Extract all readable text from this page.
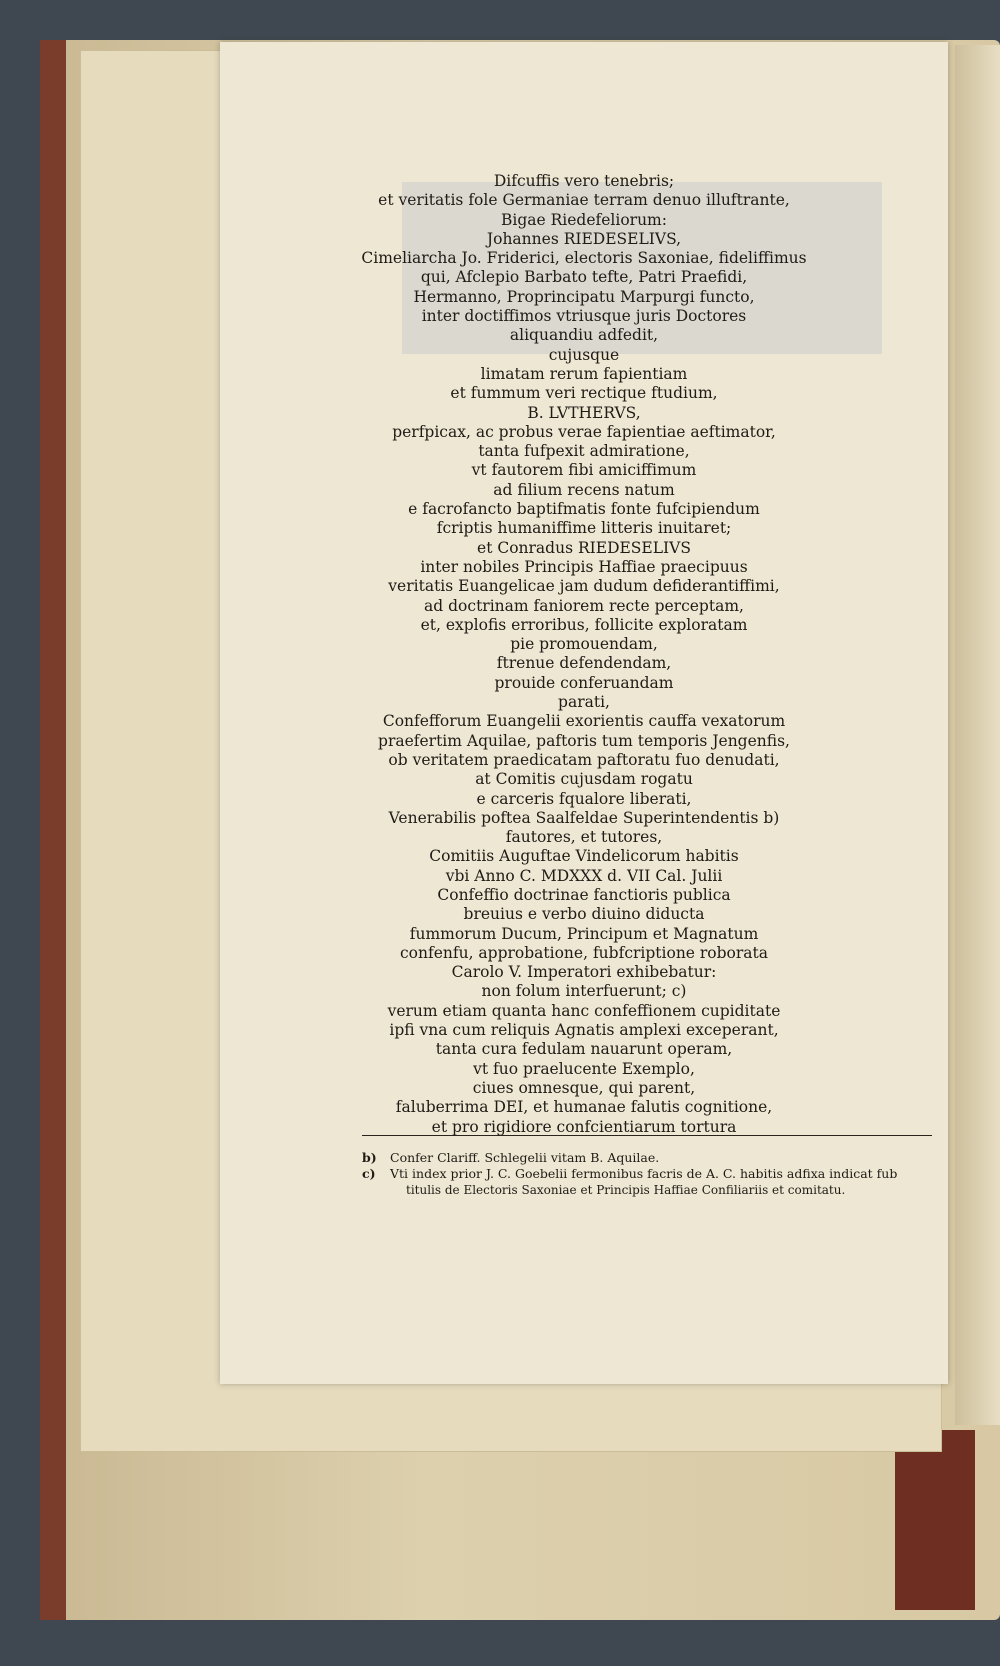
Difcuffis vero tenebris;
et veritatis fole Germaniae terram denuo illuftrante,
Bigae Riedefeliorum:
Johannes RIEDESELIVS,
Cimeliarcha Jo. Friderici, electoris Saxoniae, fideliffimus
qui, Afclepio Barbato tefte, Patri Praefidi,
Hermanno, Proprincipatu Marpurgi functo,
inter doctiffimos vtriusque juris Doctores
aliquandiu adfedit,
cujusque
limatam rerum fapientiam
et fummum veri rectique ftudium,
B. LVTHERVS,
perfpicax, ac probus verae fapientiae aeftimator,
tanta fufpexit admiratione,
vt fautorem fibi amiciffimum
ad filium recens natum
e facrofancto baptifmatis fonte fufcipiendum
fcriptis humaniffime litteris inuitaret;
et Conradus RIEDESELIVS
inter nobiles Principis Haffiae praecipuus
veritatis Euangelicae jam dudum defiderantiffimi,
ad doctrinam faniorem recte perceptam,
et, explofis erroribus, follicite exploratam
pie promouendam,
ftrenue defendendam,
prouide conferuandam
parati,
Confefforum Euangelii exorientis cauffa vexatorum
praefertim Aquilae, paftoris tum temporis Jengenfis,
ob veritatem praedicatam paftoratu fuo denudati,
at Comitis cujusdam rogatu
e carceris fqualore liberati,
Venerabilis poftea Saalfeldae Superintendentis b)
fautores, et tutores,
Comitiis Auguftae Vindelicorum habitis
vbi Anno C. MDXXX d. VII Cal. Julii
Confeffio doctrinae fanctioris publica
breuius e verbo diuino diducta
fummorum Ducum, Principum et Magnatum
confenfu, approbatione, fubfcriptione roborata
Carolo V. Imperatori exhibebatur:
non folum interfuerunt; c)
verum etiam quanta hanc confeffionem cupiditate
ipfi vna cum reliquis Agnatis amplexi exceperant,
tanta cura fedulam nauarunt operam,
vt fuo praelucente Exemplo,
ciues omnesque, qui parent,
faluberrima DEI, et humanae falutis cognitione,
et pro rigidiore confcientiarum tortura
b)	Confer Clariff. Schlegelii vitam B. Aquilae.
c)	Vti index prior J. C. Goebelii fermonibus facris de A. C. habitis adfixa indicat fub
titulis de Electoris Saxoniae et Principis Haffiae Confiliariis et comitatu.
